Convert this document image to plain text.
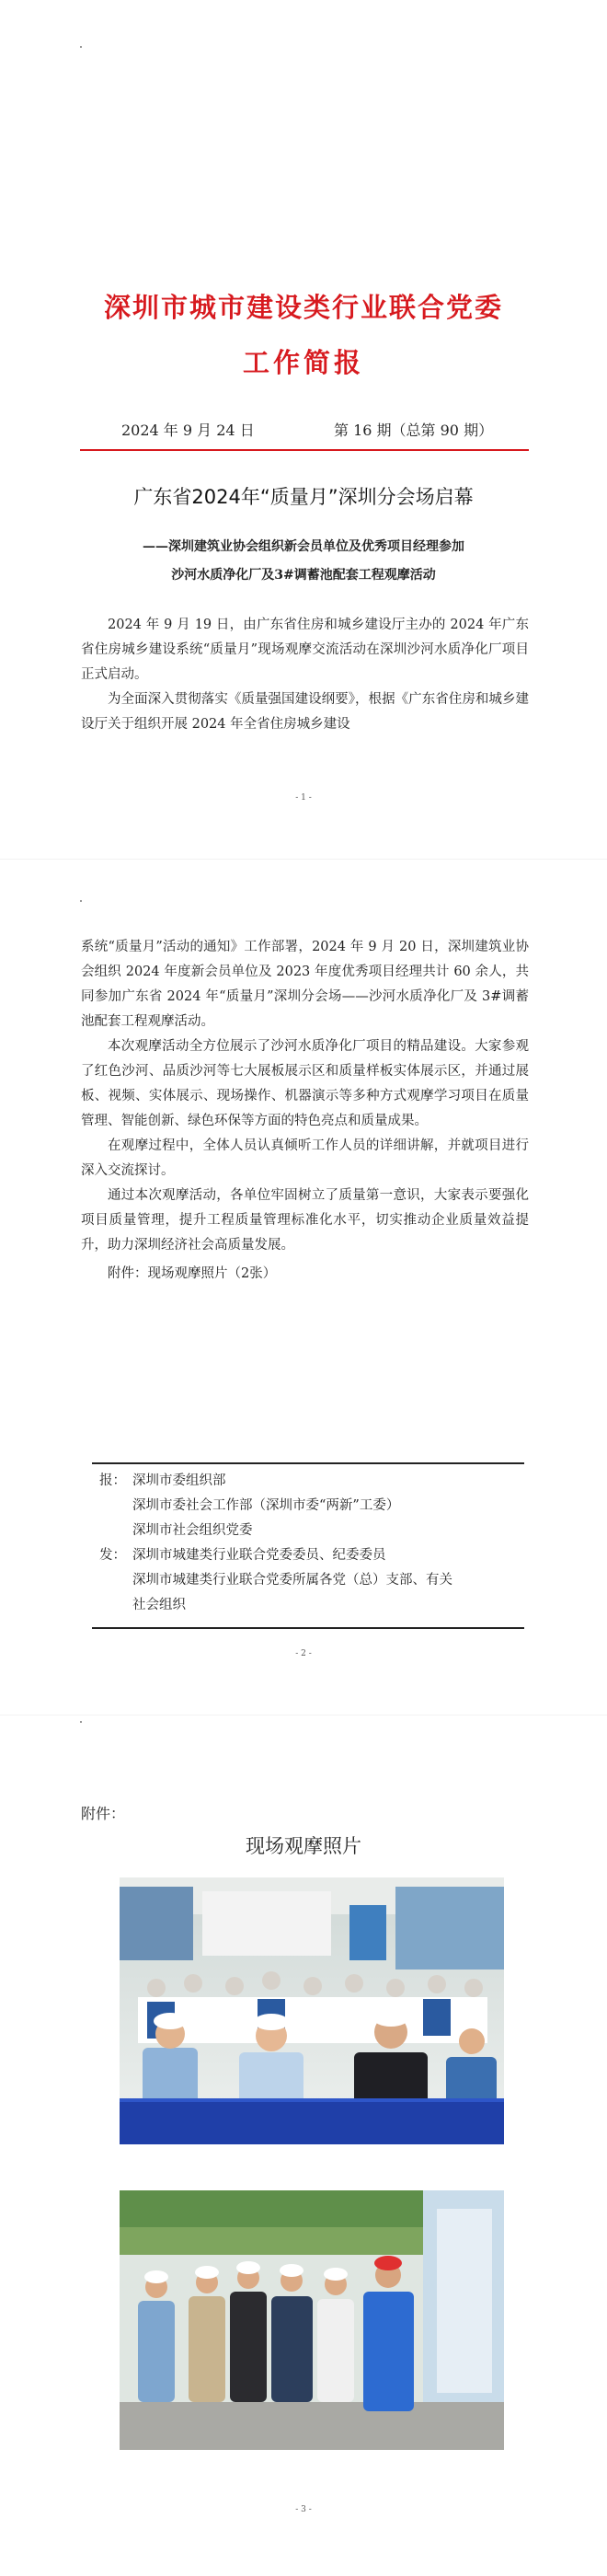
深圳市城市建设类行业联合党委
工作简报
2024 年 9 月 24 日	第 16 期（总第 90 期）
广东省2024年“质量月”深圳分会场启幕
——深圳建筑业协会组织新会员单位及优秀项目经理参加
沙河水质净化厂及3#调蓄池配套工程观摩活动

2024 年 9 月 19 日，由广东省住房和城乡建设厅主办的 2024 年广东省住房城乡建设系统“质量月”现场观摩交流活动在深圳沙河水质净化厂项目正式启动。

为全面深入贯彻落实《质量强国建设纲要》，根据《广东省住房和城乡建设厅关于组织开展 2024 年全省住房城乡建设

- 1 -

系统“质量月”活动的通知》工作部署，2024 年 9 月 20 日，深圳建筑业协会组织 2024 年度新会员单位及 2023 年度优秀项目经理共计 60 余人，共同参加广东省 2024 年“质量月”深圳分会场——沙河水质净化厂及 3#调蓄池配套工程观摩活动。

本次观摩活动全方位展示了沙河水质净化厂项目的精品建设。大家参观了红色沙河、品质沙河等七大展板展示区和质量样板实体展示区，并通过展板、视频、实体展示、现场操作、机器演示等多种方式观摩学习项目在质量管理、智能创新、绿色环保等方面的特色亮点和质量成果。

在观摩过程中，全体人员认真倾听工作人员的详细讲解，并就项目进行深入交流探讨。

通过本次观摩活动，各单位牢固树立了质量第一意识，大家表示要强化项目质量管理，提升工程质量管理标准化水平，切实推动企业质量效益提升，助力深圳经济社会高质量发展。

附件：现场观摩照片（2张）

报： 深圳市委组织部
深圳市委社会工作部（深圳市委“两新”工委）
深圳市社会组织党委
发： 深圳市城建类行业联合党委委员、纪委委员
深圳市城建类行业联合党委所属各党（总）支部、有关
社会组织
- 2 -
附件：
现场观摩照片
- 3 -
